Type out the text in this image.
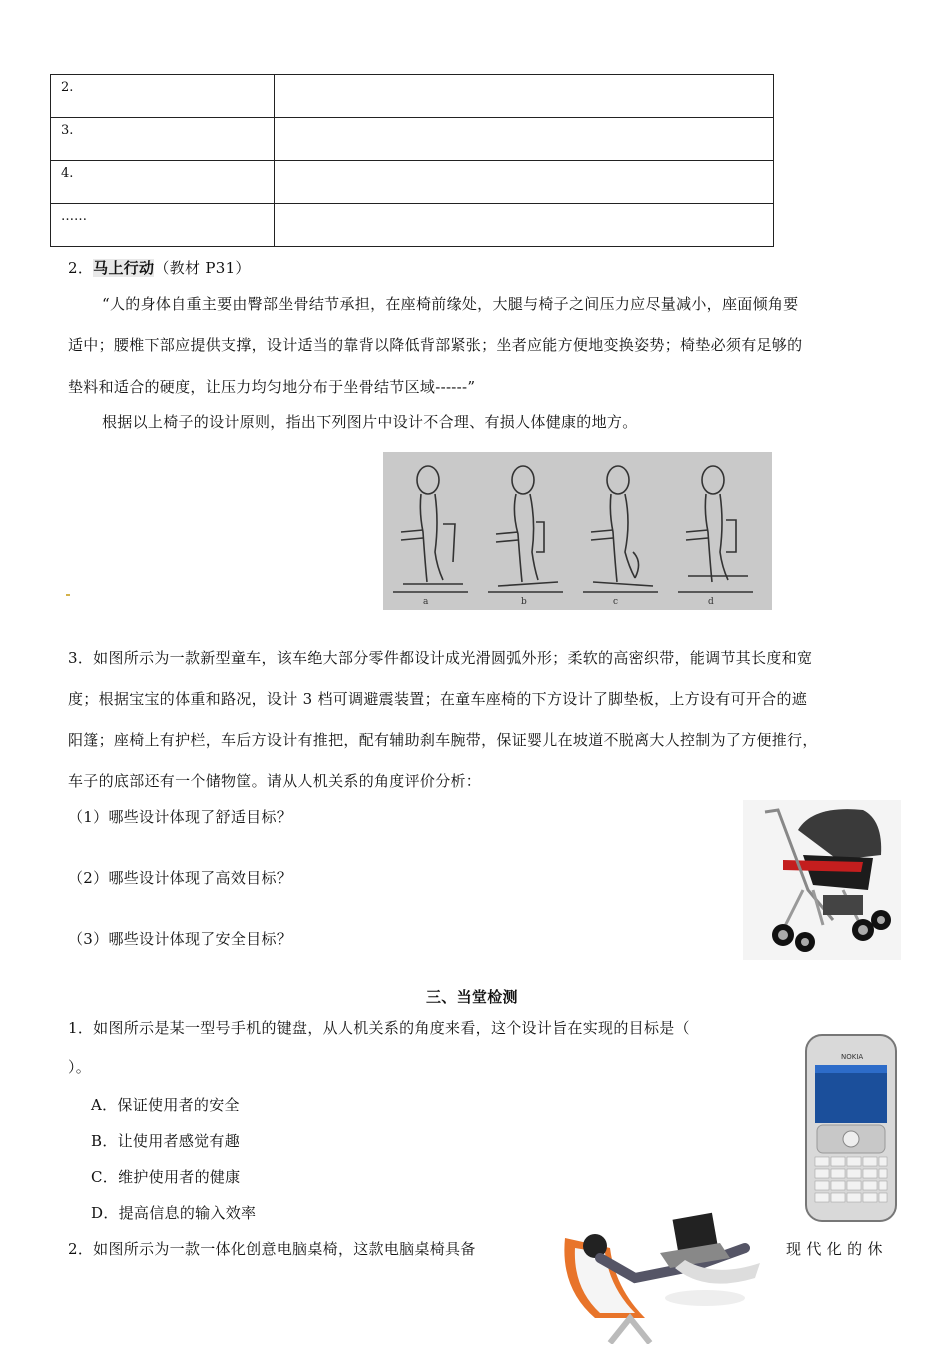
2.	
3.	
4.	
……	
2．马上行动（教材 P31）
“人的身体自重主要由臀部坐骨结节承担，在座椅前缘处，大腿与椅子之间压力应尽量减小，座面倾角要
适中；腰椎下部应提供支撑，设计适当的靠背以降低背部紧张；坐者应能方便地变换姿势；椅垫必须有足够的
垫料和适合的硬度，让压力均匀地分布于坐骨结节区域------”
根据以上椅子的设计原则，指出下列图片中设计不合理、有损人体健康的地方。
a	b	c	d
3．如图所示为一款新型童车，该车绝大部分零件都设计成光滑圆弧外形；柔软的高密织带，能调节其长度和宽
度；根据宝宝的体重和路况，设计 3 档可调避震装置；在童车座椅的下方设计了脚垫板，上方设有可开合的遮
阳篷；座椅上有护栏，车后方设计有推把，配有辅助刹车腕带，保证婴儿在坡道不脱离大人控制为了方便推行，
车子的底部还有一个储物筐。请从人机关系的角度评价分析：
（1）哪些设计体现了舒适目标？
（2）哪些设计体现了高效目标？
（3）哪些设计体现了安全目标？
三、当堂检测
1．如图所示是某一型号手机的键盘，从人机关系的角度来看，这个设计旨在实现的目标是（
）。
A．保证使用者的安全
B．让使用者感觉有趣
C．维护使用者的健康
D．提高信息的输入效率
NOKIA
2．如图所示为一款一体化创意电脑桌椅，这款电脑桌椅具备	现 代 化 的 休
